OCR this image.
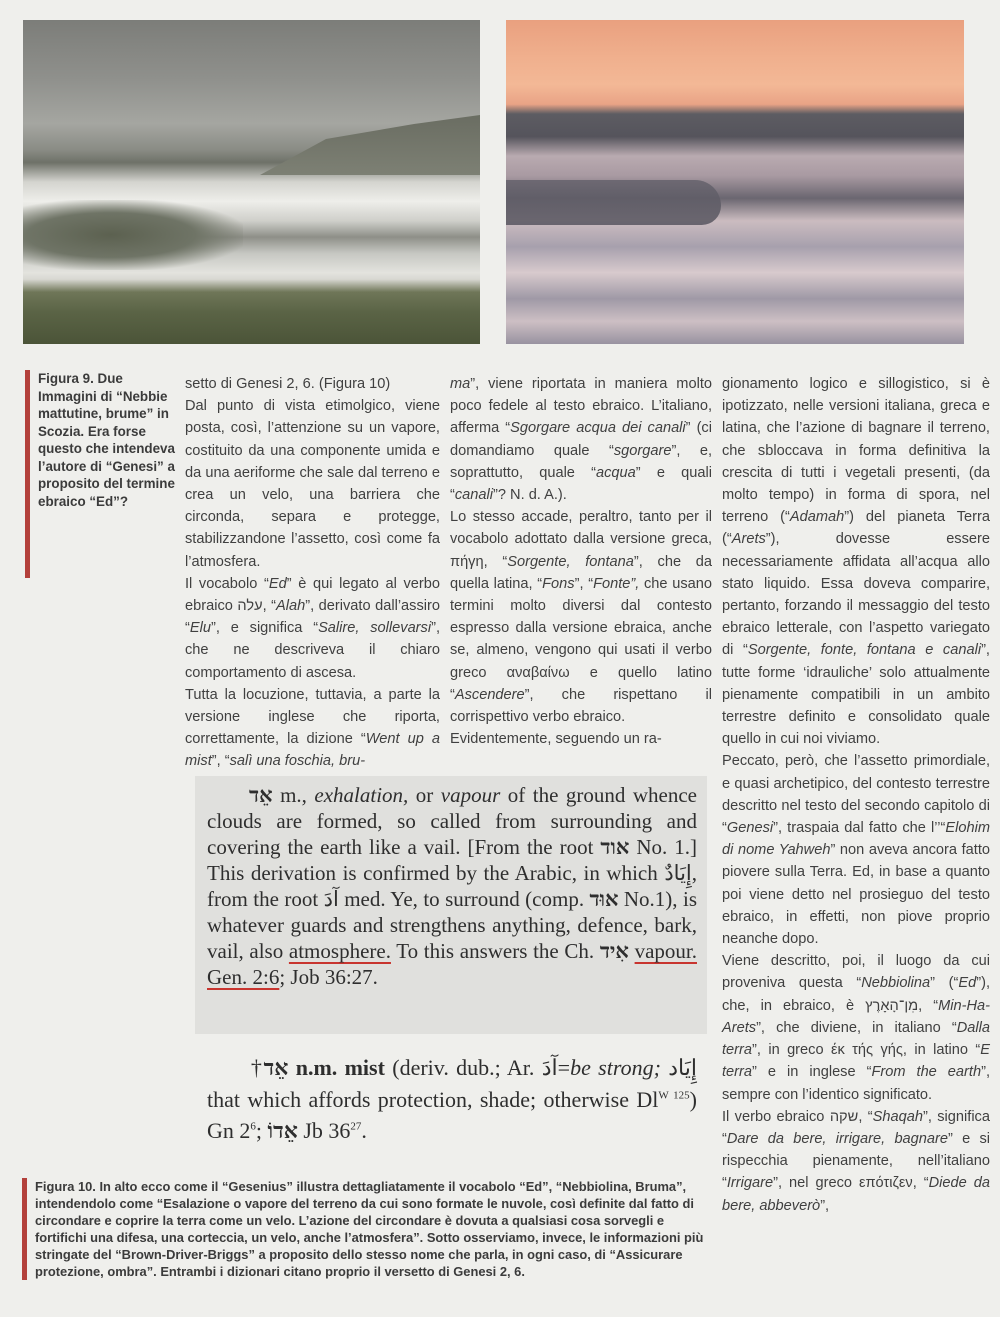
Figura 9. Due Immagini di “Nebbie mattutine, brume” in Scozia. Era forse questo che intendeva l’autore di “Genesi” a proposito del termine ebraico “Ed”?

setto di Genesi 2, 6. (Figura 10)

Dal punto di vista etimolgico, viene posta, così, l’attenzione su un vapore, costituito da una componente umida e da una aeriforme che sale dal terreno e crea un velo, una barriera che circonda, separa e protegge, stabilizzandone l’assetto, così come fa l’atmosfera.

Il vocabolo “Ed” è qui legato al verbo ebraico עלה, “Alah”, derivato dall’assiro “Elu”, e significa “Salire, sollevarsi”, che ne descriveva il chiaro comportamento di ascesa.

Tutta la locuzione, tuttavia, a parte la versione inglese che riporta, correttamente, la dizione “Went up a mist”, “salì una foschia, bru-

ma”, viene riportata in maniera molto poco fedele al testo ebraico. L’italiano, afferma “Sgorgare acqua dei canali” (ci domandiamo quale “sgorgare”, e, soprattutto, quale “acqua” e quali “canali”? N. d. A.).

Lo stesso accade, peraltro, tanto per il vocabolo adottato dalla versione greca, πήγη, “Sorgente, fontana”, che da quella latina, “Fons”, “Fonte”, che usano termini molto diversi dal contesto espresso dalla versione ebraica, anche se, almeno, vengono qui usati il verbo greco αναβαίνω e quello latino “Ascendere”, che rispettano il corrispettivo verbo ebraico.

Evidentemente, seguendo un ra-

gionamento logico e sillogistico, si è ipotizzato, nelle versioni italiana, greca e latina, che l’azione di bagnare il terreno, che sbloccava in forma definitiva la crescita di tutti i vegetali presenti, (da molto tempo) in forma di spora, nel terreno (“Adamah”) del pianeta Terra (“Arets”), dovesse essere necessariamente affidata all’acqua allo stato liquido. Essa doveva comparire, pertanto, forzando il messaggio del testo ebraico letterale, con l’aspetto variegato di “Sorgente, fonte, fontana e canali”, tutte forme ‘idrauliche’ solo attualmente pienamente compatibili in un ambito terrestre definito e consolidato quale quello in cui noi viviamo.

Peccato, però, che l’assetto primordiale, e quasi archetipico, del contesto terrestre descritto nel testo del secondo capitolo di “Genesi”, traspaia dal fatto che l’’“Elohim di nome Yahweh” non aveva ancora fatto piovere sulla Terra. Ed, in base a quanto poi viene detto nel prosieguo del testo ebraico, in effetti, non piove proprio neanche dopo.

Viene descritto, poi, il luogo da cui proveniva questa “Nebbiolina” (“Ed”), che, in ebraico, è מִן־הָאָרֶץ, “Min-Ha-Arets”, che diviene, in italiano “Dalla terra”, in greco έκ τής γής, in latino “E terra” e in inglese “From the earth”, sempre con l’identico significato.

Il verbo ebraico שקה, “Shaqah”, significa “Dare da bere, irrigare, bagnare” e si rispecchia pienamente, nell’italiano “Irrigare”, nel greco επότιζεν, “Diede da bere, abbeverò”,

אֵד m., exhalation, or vapour of the ground whence clouds are formed, so called from surrounding and covering the earth like a vail. [From the root אוד No. 1.] This derivation is confirmed by the Arabic, in which إِيَادٌ, from the root آدَ med. Ye, to surround (comp. אוּד No.1), is whatever guards and strengthens anything, defence, bark, vail, also atmosphere. To this answers the Ch. אִיד vapour. Gen. 2:6; Job 36:27.

†אֵד n.m. mist (deriv. dub.; Ar. آدَ=be strong; إِيَاد that which affords protection, shade; otherwise $Dl^{W 125}$) Gn $2^6$; אֵדוֹ Jb $36^{27}$.

Figura 10. In alto ecco come il “Gesenius” illustra dettagliatamente il vocabolo “Ed”, “Nebbiolina, Bruma”, intendendolo come “Esalazione o vapore del terreno da cui sono formate le nuvole, così definite dal fatto di circondare e coprire la terra come un velo. L’azione del circondare è dovuta a qualsiasi cosa sorvegli e fortifichi una difesa, una corteccia, un velo, anche l’atmosfera”. Sotto osserviamo, invece, le informazioni più stringate del “Brown-Driver-Briggs” a proposito dello stesso nome che parla, in ogni caso, di “Assicurare protezione, ombra”. Entrambi i dizionari citano proprio il versetto di Genesi 2, 6.
